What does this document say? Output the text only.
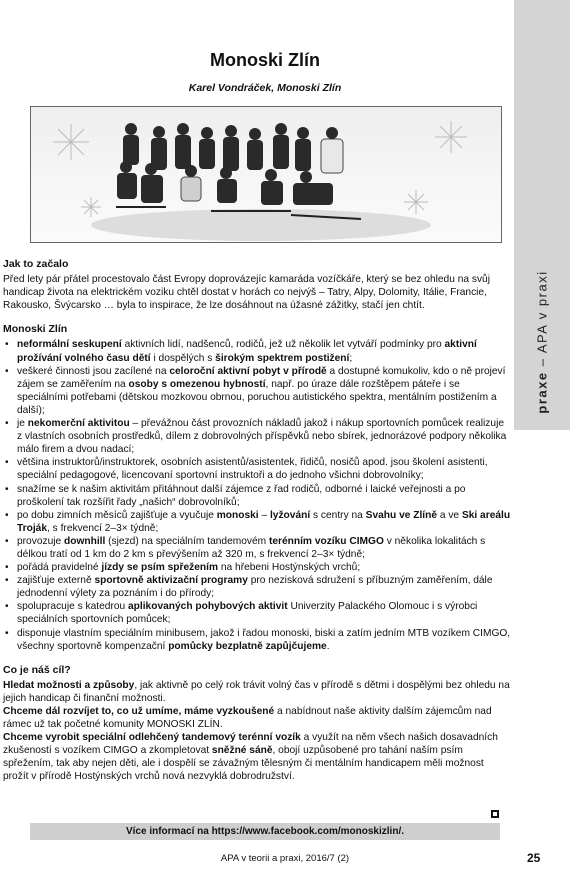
praxe – APA v praxi
Monoski Zlín
Karel Vondráček, Monoski Zlín
Jak to začalo

Před lety pár přátel procestovalo část Evropy doprovázejíc kamaráda vozíčkáře, který se bez ohledu na svůj handicap života na elektrickém voziku chtěl dostat v horách co nejvýš – Tatry, Alpy, Dolomity, Itálie, Francie, Rakousko, Švýcarsko … byla to inspirace, že lze dosáhnout na úžasné zážitky, stačí jen chtít.

Monoski Zlín
• neformální seskupení aktivních lidí, nadšenců, rodičů, jež už několik let vytváří podmínky pro aktivní prožívání volného času dětí i dospělých s širokým spektrem postižení;
• veškeré činnosti jsou zacílené na celoroční aktivní pobyt v přírodě a dostupné komukoliv, kdo o ně projeví zájem se zaměřením na osoby s omezenou hybností, např. po úraze dále rozštěpem páteře i se speciálními potřebami (dětskou mozkovou obrnou, poruchou autistického spektra, mentálním postižením a další);
• je nekomerční aktivitou – převážnou část provozních nákladů jakož i nákup sportovních pomůcek realizuje z vlastních osobních prostředků, dílem z dobrovolných příspěvků nebo sbírek, jednorázové podpory několika málo firem a dvou nadací;
• většina instruktorů/instruktorek, osobních asistentů/asistentek, řidičů, nosičů apod. jsou školení asistenti, speciální pedagogové, licencovaní sportovní instruktoři a do jednoho všichni dobrovolníky;
• snažíme se k našim aktivitám přitáhnout další zájemce z řad rodičů, odborné i laické veřejnosti a po proškolení tak rozšířit řady „našich“ dobrovolníků;
• po dobu zimních měsíců zajišťuje a vyučuje monoski – lyžování s centry na Svahu ve Zlíně a ve Ski areálu Troják, s frekvencí 2–3× týdně;
• provozuje downhill (sjezd) na speciálním tandemovém terénním vozíku CIMGO v několika lokalitách s délkou tratí od 1 km do 2 km s převýšením až 320 m, s frekvencí 2–3× týdně;
• pořádá pravidelné jízdy se psím spřežením na hřebeni Hostýnských vrchů;
• zajišťuje externě sportovně aktivizační programy pro nezisková sdružení s příbuzným zaměřením, dále jednodenní výlety za poznáním i do přírody;
• spolupracuje s katedrou aplikovaných pohybových aktivit Univerzity Palackého Olomouc i s výrobci speciálních sportovních pomůcek;
• disponuje vlastním speciálním minibusem, jakož i řadou monoski, biski a zatím jedním MTB vozíkem CIMGO, všechny sportovně kompenzační pomůcky bezplatně zapůjčujeme.
Co je náš cíl?

Hledat možnosti a způsoby, jak aktivně po celý rok trávit volný čas v přírodě s dětmi i dospělými bez ohledu na jejich handicap či finanční možnosti.

Chceme dál rozvíjet to, co už umíme, máme vyzkoušené a nabídnout naše aktivity dalším zájemcům nad rámec už tak početné komunity MONOSKI ZLÍN.

Chceme vyrobit speciální odlehčený tandemový terénní vozík a využít na něm všech našich dosavadních zkušeností s vozíkem CIMGO a zkompletovat sněžné sáně, obojí uzpůsobené pro tahání naším psím spřežením, tak aby nejen děti, ale i dospělí se závažným tělesným či mentálním handicapem měli možnost prožít v přírodě Hostýnských vrchů nová nezvyklá dobrodružství.

Více informací na https://www.facebook.com/monoskizlin/.
APA v teorii a praxi, 2016/7 (2)	25
